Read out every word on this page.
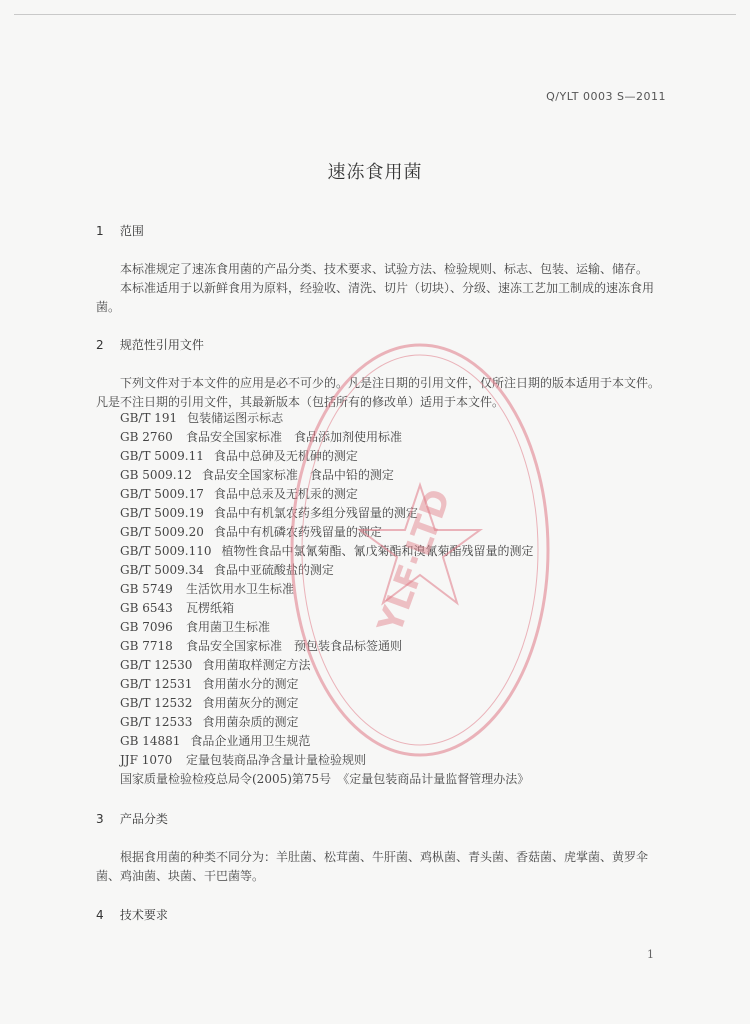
Q/YLT 0003 S—2011
速冻食用菌
1 范围

本标准规定了速冻食用菌的产品分类、技术要求、试验方法、检验规则、标志、包装、运输、储存。

本标准适用于以新鲜食用为原料，经验收、清洗、切片（切块）、分级、速冻工艺加工制成的速冻食用菌。

2 规范性引用文件

下列文件对于本文件的应用是必不可少的。凡是注日期的引用文件，仅所注日期的版本适用于本文件。凡是不注日期的引用文件，其最新版本（包括所有的修改单）适用于本文件。

GB/T 191 包装储运图示标志
GB 2760 食品安全国家标准　食品添加剂使用标准
GB/T 5009.11 食品中总砷及无机砷的测定
GB 5009.12 食品安全国家标准　食品中铅的测定
GB/T 5009.17 食品中总汞及无机汞的测定
GB/T 5009.19 食品中有机氯农药多组分残留量的测定
GB/T 5009.20 食品中有机磷农药残留量的测定
GB/T 5009.110 植物性食品中氯氰菊酯、氰戊菊酯和溴氰菊酯残留量的测定
GB/T 5009.34 食品中亚硫酸盐的测定
GB 5749 生活饮用水卫生标准
GB 6543 瓦楞纸箱
GB 7096 食用菌卫生标准
GB 7718 食品安全国家标准　预包装食品标签通则
GB/T 12530 食用菌取样测定方法
GB/T 12531 食用菌水分的测定
GB/T 12532 食用菌灰分的测定
GB/T 12533 食用菌杂质的测定
GB 14881 食品企业通用卫生规范
JJF 1070 定量包装商品净含量计量检验规则
国家质量检验检疫总局令(2005)第75号 《定量包装商品计量监督管理办法》
3 产品分类

根据食用菌的种类不同分为：羊肚菌、松茸菌、牛肝菌、鸡枞菌、青头菌、香菇菌、虎掌菌、黄罗伞菌、鸡油菌、块菌、干巴菌等。

4 技术要求
1
YLF·LTD
